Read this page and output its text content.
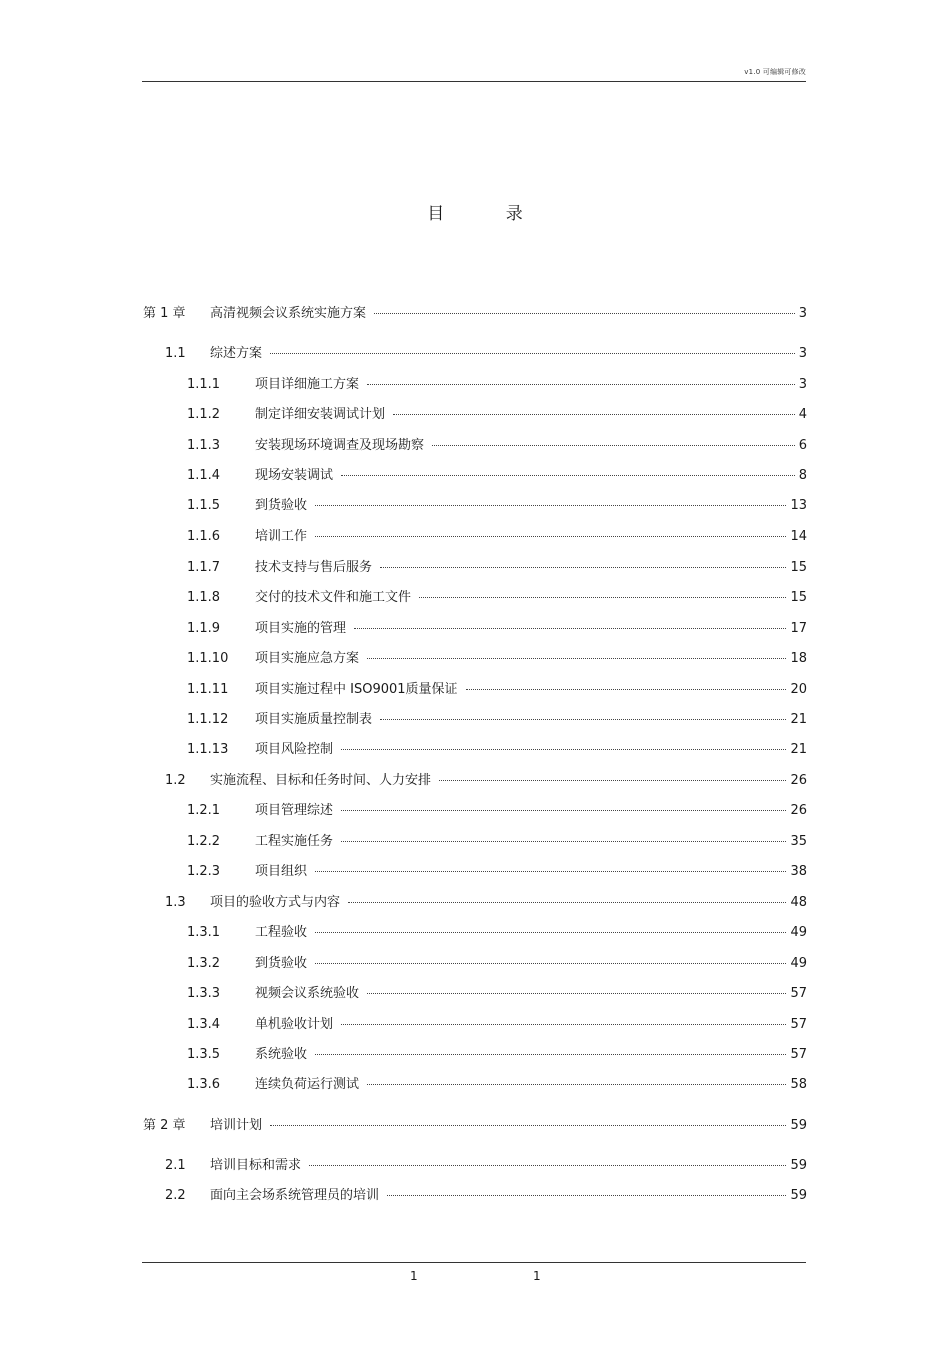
v1.0 可编辑可修改
目 录
第 1 章	高清视频会议系统实施方案	3
1.1	综述方案	3
1.1.1	项目详细施工方案	3
1.1.2	制定详细安装调试计划	4
1.1.3	安装现场环境调查及现场勘察	6
1.1.4	现场安装调试	8
1.1.5	到货验收	13
1.1.6	培训工作	14
1.1.7	技术支持与售后服务	15
1.1.8	交付的技术文件和施工文件	15
1.1.9	项目实施的管理	17
1.1.10	项目实施应急方案	18
1.1.11	项目实施过程中 ISO9001质量保证	20
1.1.12	项目实施质量控制表	21
1.1.13	项目风险控制	21
1.2	实施流程、目标和任务时间、人力安排	26
1.2.1	项目管理综述	26
1.2.2	工程实施任务	35
1.2.3	项目组织	38
1.3	项目的验收方式与内容	48
1.3.1	工程验收	49
1.3.2	到货验收	49
1.3.3	视频会议系统验收	57
1.3.4	单机验收计划	57
1.3.5	系统验收	57
1.3.6	连续负荷运行测试	58
第 2 章	培训计划	59
2.1	培训目标和需求	59
2.2	面向主会场系统管理员的培训	59
1	1
